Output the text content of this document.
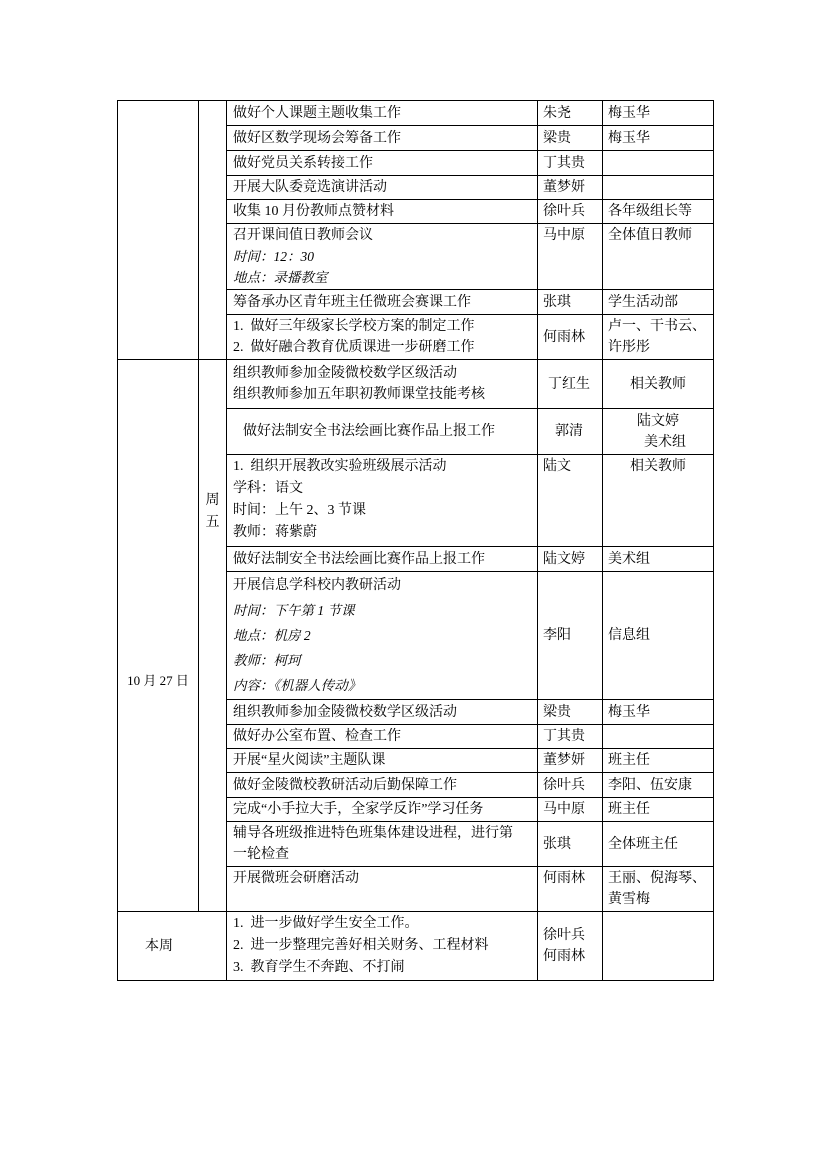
		做好个人课题主题收集工作	朱尧	梅玉华

		做好区数学现场会筹备工作	梁贵	梅玉华

		做好党员关系转接工作	丁其贵	

		开展大队委竞选演讲活动	董梦妍	

		收集 10 月份教师点赞材料	徐叶兵	各年级组长等

		召开课间值日教师会议
时间：12：30
地点：录播教室	马中原	全体值日教师

		筹备承办区青年班主任微班会赛课工作	张琪	学生活动部

		1.  做好三年级家长学校方案的制定工作
2.  做好融合教育优质课进一步研磨工作	何雨林	卢一、干书云、
许彤彤

10 月 27 日	周五	组织教师参加金陵微校数学区级活动
组织教师参加五年职初教师课堂技能考核	丁红生	相关教师

		做好法制安全书法绘画比赛作品上报工作	郭清	陆文婷
　美术组

		1.  组织开展教改实验班级展示活动
学科：语文
时间：上午 2、3 节课
教师：蒋紫蔚	陆文	相关教师

		做好法制安全书法绘画比赛作品上报工作	陆文婷	美术组

		开展信息学科校内教研活动
时间：下午第 1 节课
地点：机房 2
教师：柯珂
内容：《机器人传动》	李阳	信息组

		组织教师参加金陵微校数学区级活动	梁贵	梅玉华

		做好办公室布置、检查工作	丁其贵	

		开展“星火阅读”主题队课	董梦妍	班主任

		做好金陵微校教研活动后勤保障工作	徐叶兵	李阳、伍安康

		完成“小手拉大手，全家学反诈”学习任务	马中原	班主任

		辅导各班级推进特色班集体建设进程，进行第
一轮检查	张琪	全体班主任

		开展微班会研磨活动	何雨林	王丽、倪海琴、
黄雪梅

本周		1.  进一步做好学生安全工作。
2.  进一步整理完善好相关财务、工程材料
3.  教育学生不奔跑、不打闹	徐叶兵
何雨林	
